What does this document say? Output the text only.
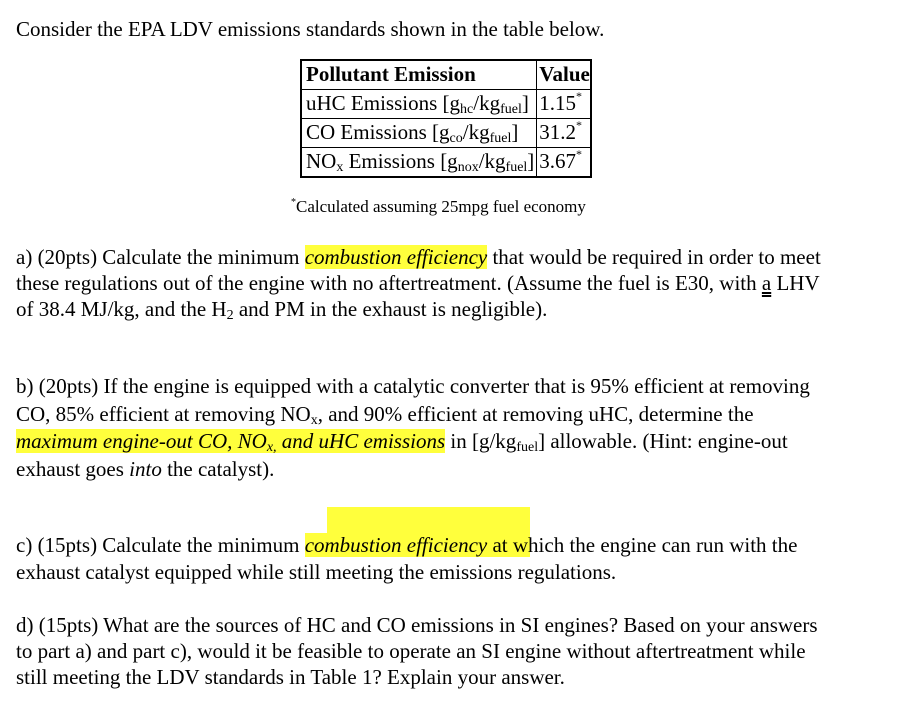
Consider the EPA LDV emissions standards shown in the table below.
Pollutant Emission	Value
uHC Emissions $[g_{hc}/kg_{fuel}]$	1.15*
CO Emissions $[g_{co}/kg_{fuel}]$	31.2*
$NO_x$ Emissions $[g_{nox}/kg_{fuel}]$	3.67*
*Calculated assuming 25mpg fuel economy
a) (20pts) Calculate the minimum combustion efficiency that would be required in order to meet
these regulations out of the engine with no aftertreatment. (Assume the fuel is E30, with a LHV
of 38.4 MJ/kg, and the $H_2$ and PM in the exhaust is negligible).
b) (20pts) If the engine is equipped with a catalytic converter that is 95% efficient at removing
CO, 85% efficient at removing $NO_x$, and 90% efficient at removing uHC, determine the
maximum engine-out CO, $NO_{x,}$ and uHC emissions in $[g/kg_{fuel}]$ allowable. (Hint: engine-out
exhaust goes into the catalyst).
c) (15pts) Calculate the minimum combustion efficiency at which the engine can run with the
exhaust catalyst equipped while still meeting the emissions regulations.
d) (15pts) What are the sources of HC and CO emissions in SI engines? Based on your answers
to part a) and part c), would it be feasible to operate an SI engine without aftertreatment while
still meeting the LDV standards in Table 1? Explain your answer.
